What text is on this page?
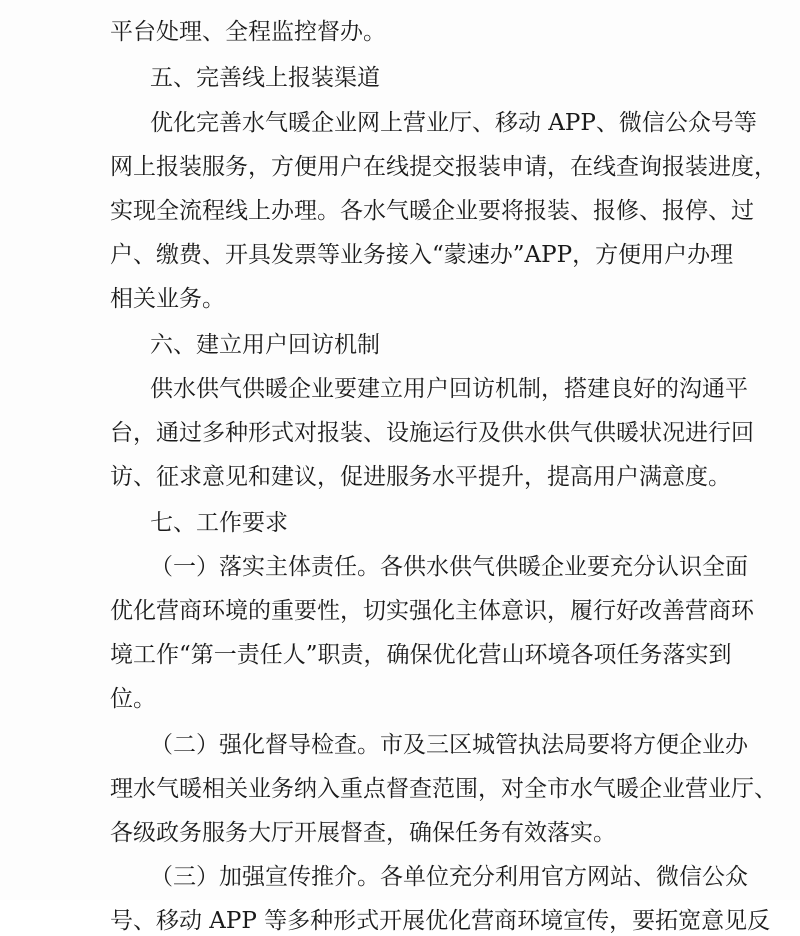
平台处理、全程监控督办。
五、完善线上报装渠道
优化完善水气暖企业网上营业厅、移动 APP、微信公众号等
网上报装服务，方便用户在线提交报装申请，在线查询报装进度，
实现全流程线上办理。各水气暖企业要将报装、报修、报停、过
户、缴费、开具发票等业务接入“蒙速办”APP，方便用户办理
相关业务。
六、建立用户回访机制
供水供气供暖企业要建立用户回访机制，搭建良好的沟通平
台，通过多种形式对报装、设施运行及供水供气供暖状况进行回
访、征求意见和建议，促进服务水平提升，提高用户满意度。
七、工作要求
（一）落实主体责任。各供水供气供暖企业要充分认识全面
优化营商环境的重要性，切实强化主体意识，履行好改善营商环
境工作“第一责任人”职责，确保优化营山环境各项任务落实到
位。
（二）强化督导检查。市及三区城管执法局要将方便企业办
理水气暖相关业务纳入重点督查范围，对全市水气暖企业营业厅、
各级政务服务大厅开展督查，确保任务有效落实。
（三）加强宣传推介。各单位充分利用官方网站、微信公众
号、移动 APP 等多种形式开展优化营商环境宣传，要拓宽意见反
